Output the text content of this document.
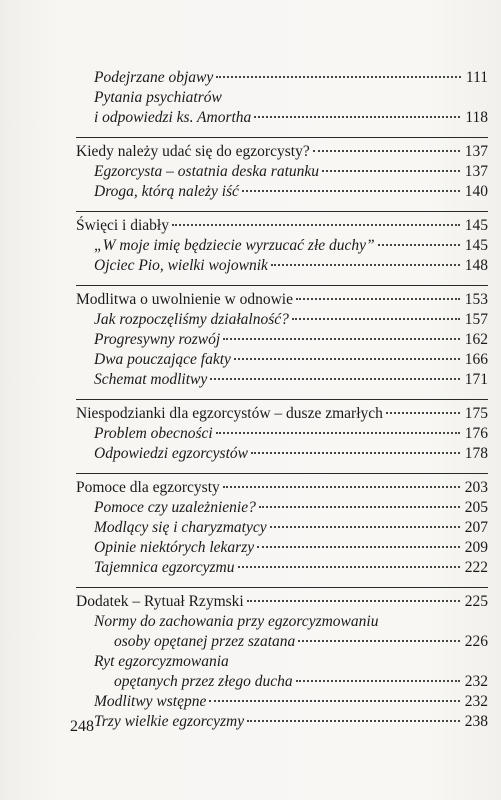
Podejrzane objawy	111
Pytania psychiatrów
i odpowiedzi ks. Amortha	118
Kiedy należy udać się do egzorcysty?	137
Egzorcysta – ostatnia deska ratunku	137
Droga, którą należy iść	140
Święci i diabły	145
„W moje imię będziecie wyrzucać złe duchy”	145
Ojciec Pio, wielki wojownik	148
Modlitwa o uwolnienie w odnowie	153
Jak rozpoczęliśmy działalność?	157
Progresywny rozwój	162
Dwa pouczające fakty	166
Schemat modlitwy	171
Niespodzianki dla egzorcystów – dusze zmarłych	175
Problem obecności	176
Odpowiedzi egzorcystów	178
Pomoce dla egzorcysty	203
Pomoce czy uzależnienie?	205
Modlący się i charyzmatycy	207
Opinie niektórych lekarzy	209
Tajemnica egzorcyzmu	222
Dodatek – Rytuał Rzymski	225
Normy do zachowania przy egzorcyzmowaniu
osoby opętanej przez szatana	226
Ryt egzorcyzmowania
opętanych przez złego ducha	232
Modlitwy wstępne	232
Trzy wielkie egzorcyzmy	238
248
